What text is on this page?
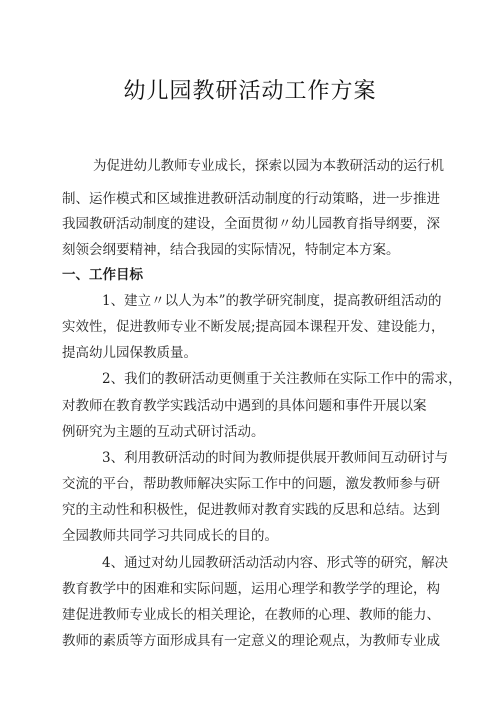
幼儿园教研活动工作方案
为促进幼儿教师专业成长，探索以园为本教研活动的运行机
制、运作模式和区域推进教研活动制度的行动策略，进一步推进
我园教研活动制度的建设，全面贯彻〃幼儿园教育指导纲要，深
刻领会纲要精神，结合我园的实际情况，特制定本方案。
一、工作目标
1、建立〃以人为本”的教学研究制度，提高教研组活动的
实效性，促进教师专业不断发展;提高园本课程开发、建设能力，
提高幼儿园保教质量。
2、我们的教研活动更侧重于关注教师在实际工作中的需求，
对教师在教育教学实践活动中遇到的具体问题和事件开展以案
例研究为主题的互动式研讨活动。
3、利用教研活动的时间为教师提供展开教师间互动研讨与
交流的平台，帮助教师解决实际工作中的问题，激发教师参与研
究的主动性和积极性，促进教师对教育实践的反思和总结。达到
全园教师共同学习共同成长的目的。
4、通过对幼儿园教研活动活动内容、形式等的研究，解决
教育教学中的困难和实际问题，运用心理学和教学学的理论，构
建促进教师专业成长的相关理论，在教师的心理、教师的能力、
教师的素质等方面形成具有一定意义的理论观点，为教师专业成
